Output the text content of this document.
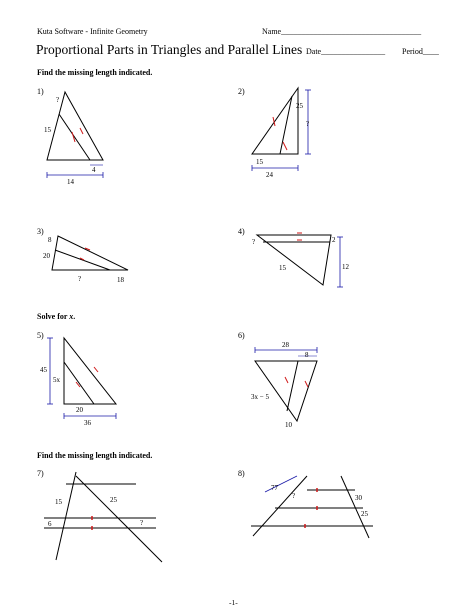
Kuta Software - Infinite Geometry	Name___________________________________
Proportional Parts in Triangles and Parallel Lines Date________________ Period____
Find the missing length indicated.
1)
?
15
4
14
2)
25
?
15
24
3)
8
20
?	18
4)
?	2
15	12
Solve for x.
5)
45
5x
20
36
6)
28
8
3x − 5
10
Find the missing length indicated.
7)
15	25
6	?
8)
77
?	30
25
-1-
